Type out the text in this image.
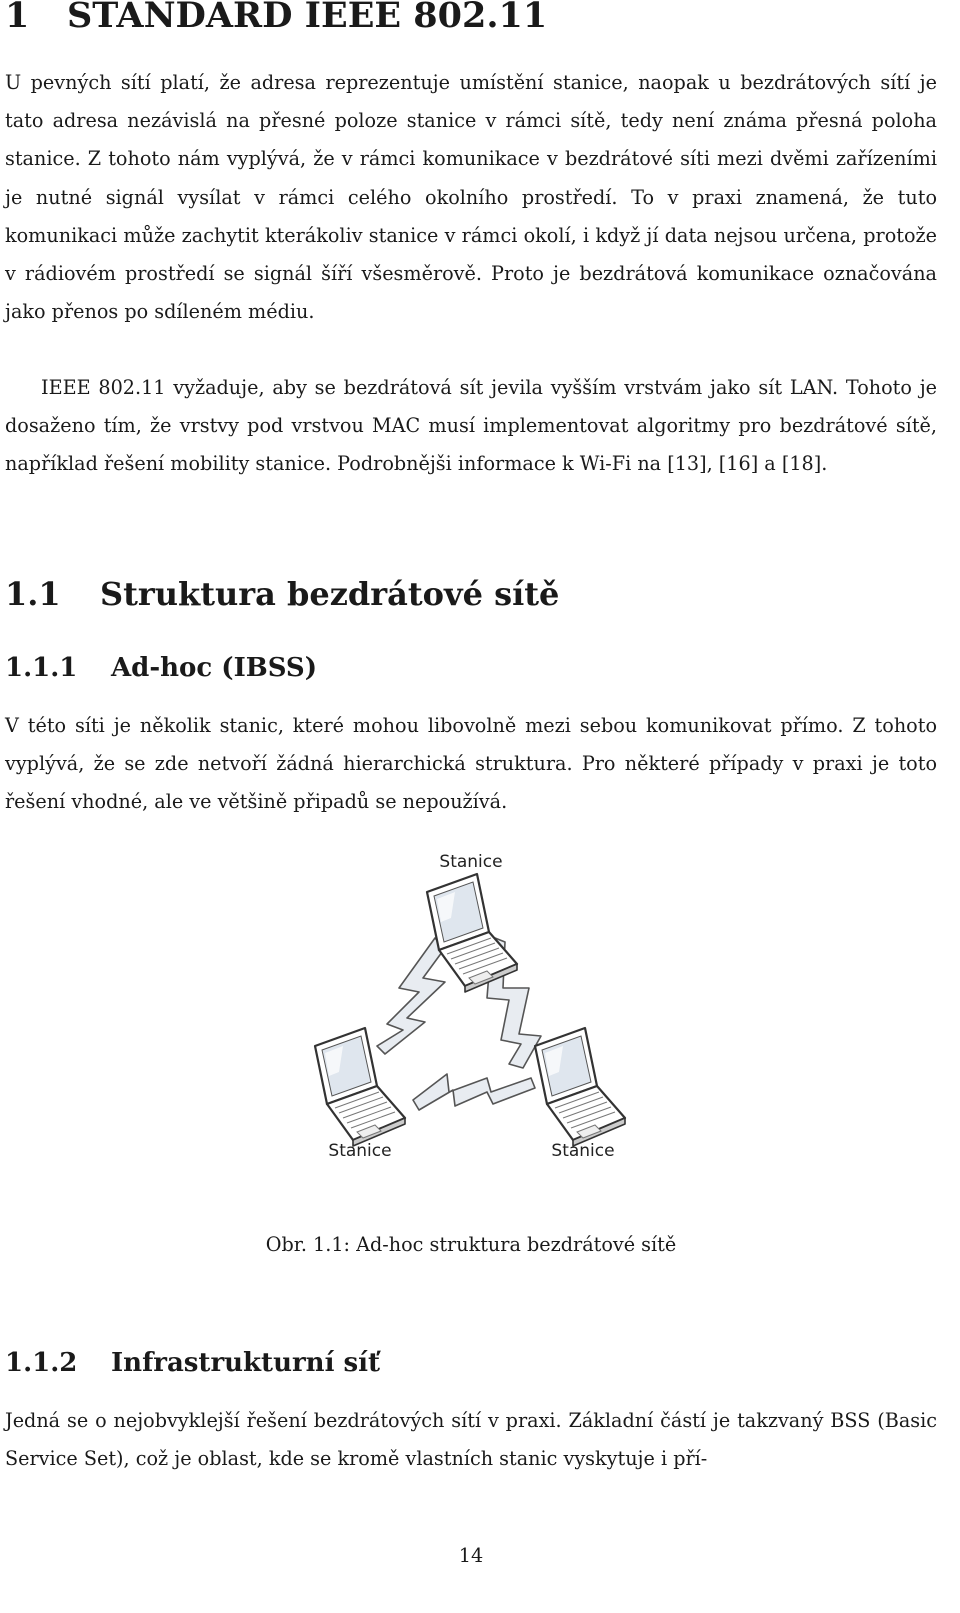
1 STANDARD IEEE 802.11

U pevných sítí platí, že adresa reprezentuje umístění stanice, naopak u bezdrátových sítí je tato adresa nezávislá na přesné poloze stanice v rámci sítě, tedy není známa přesná poloha stanice. Z tohoto nám vyplývá, že v rámci komunikace v bezdrátové síti mezi dvěmi zařízeními je nutné signál vysílat v rámci celého okolního prostředí. To v praxi znamená, že tuto komunikaci může zachytit kterákoliv stanice v rámci okolí, i když jí data nejsou určena, protože v rádiovém prostředí se signál šíří všesměrově. Proto je bezdrátová komunikace označována jako přenos po sdíleném médiu.

IEEE 802.11 vyžaduje, aby se bezdrátová sít jevila vyšším vrstvám jako sít LAN. Tohoto je dosaženo tím, že vrstvy pod vrstvou MAC musí implementovat algoritmy pro bezdrátové sítě, například řešení mobility stanice. Podrobnějši informace k Wi-Fi na [13], [16] a [18].

1.1 Struktura bezdrátové sítě
1.1.1 Ad-hoc (IBSS)

V této síti je několik stanic, které mohou libovolně mezi sebou komunikovat přímo. Z tohoto vyplývá, že se zde netvoří žádná hierarchická struktura. Pro některé případy v praxi je toto řešení vhodné, ale ve většině připadů se nepoužívá.

Stanice
Stanice	Stanice

Obr. 1.1: Ad-hoc struktura bezdrátové sítě

1.1.2 Infrastrukturní síť

Jedná se o nejobvyklejší řešení bezdrátových sítí v praxi. Základní částí je takzvaný BSS (Basic Service Set), což je oblast, kde se kromě vlastních stanic vyskytuje i pří-

14
